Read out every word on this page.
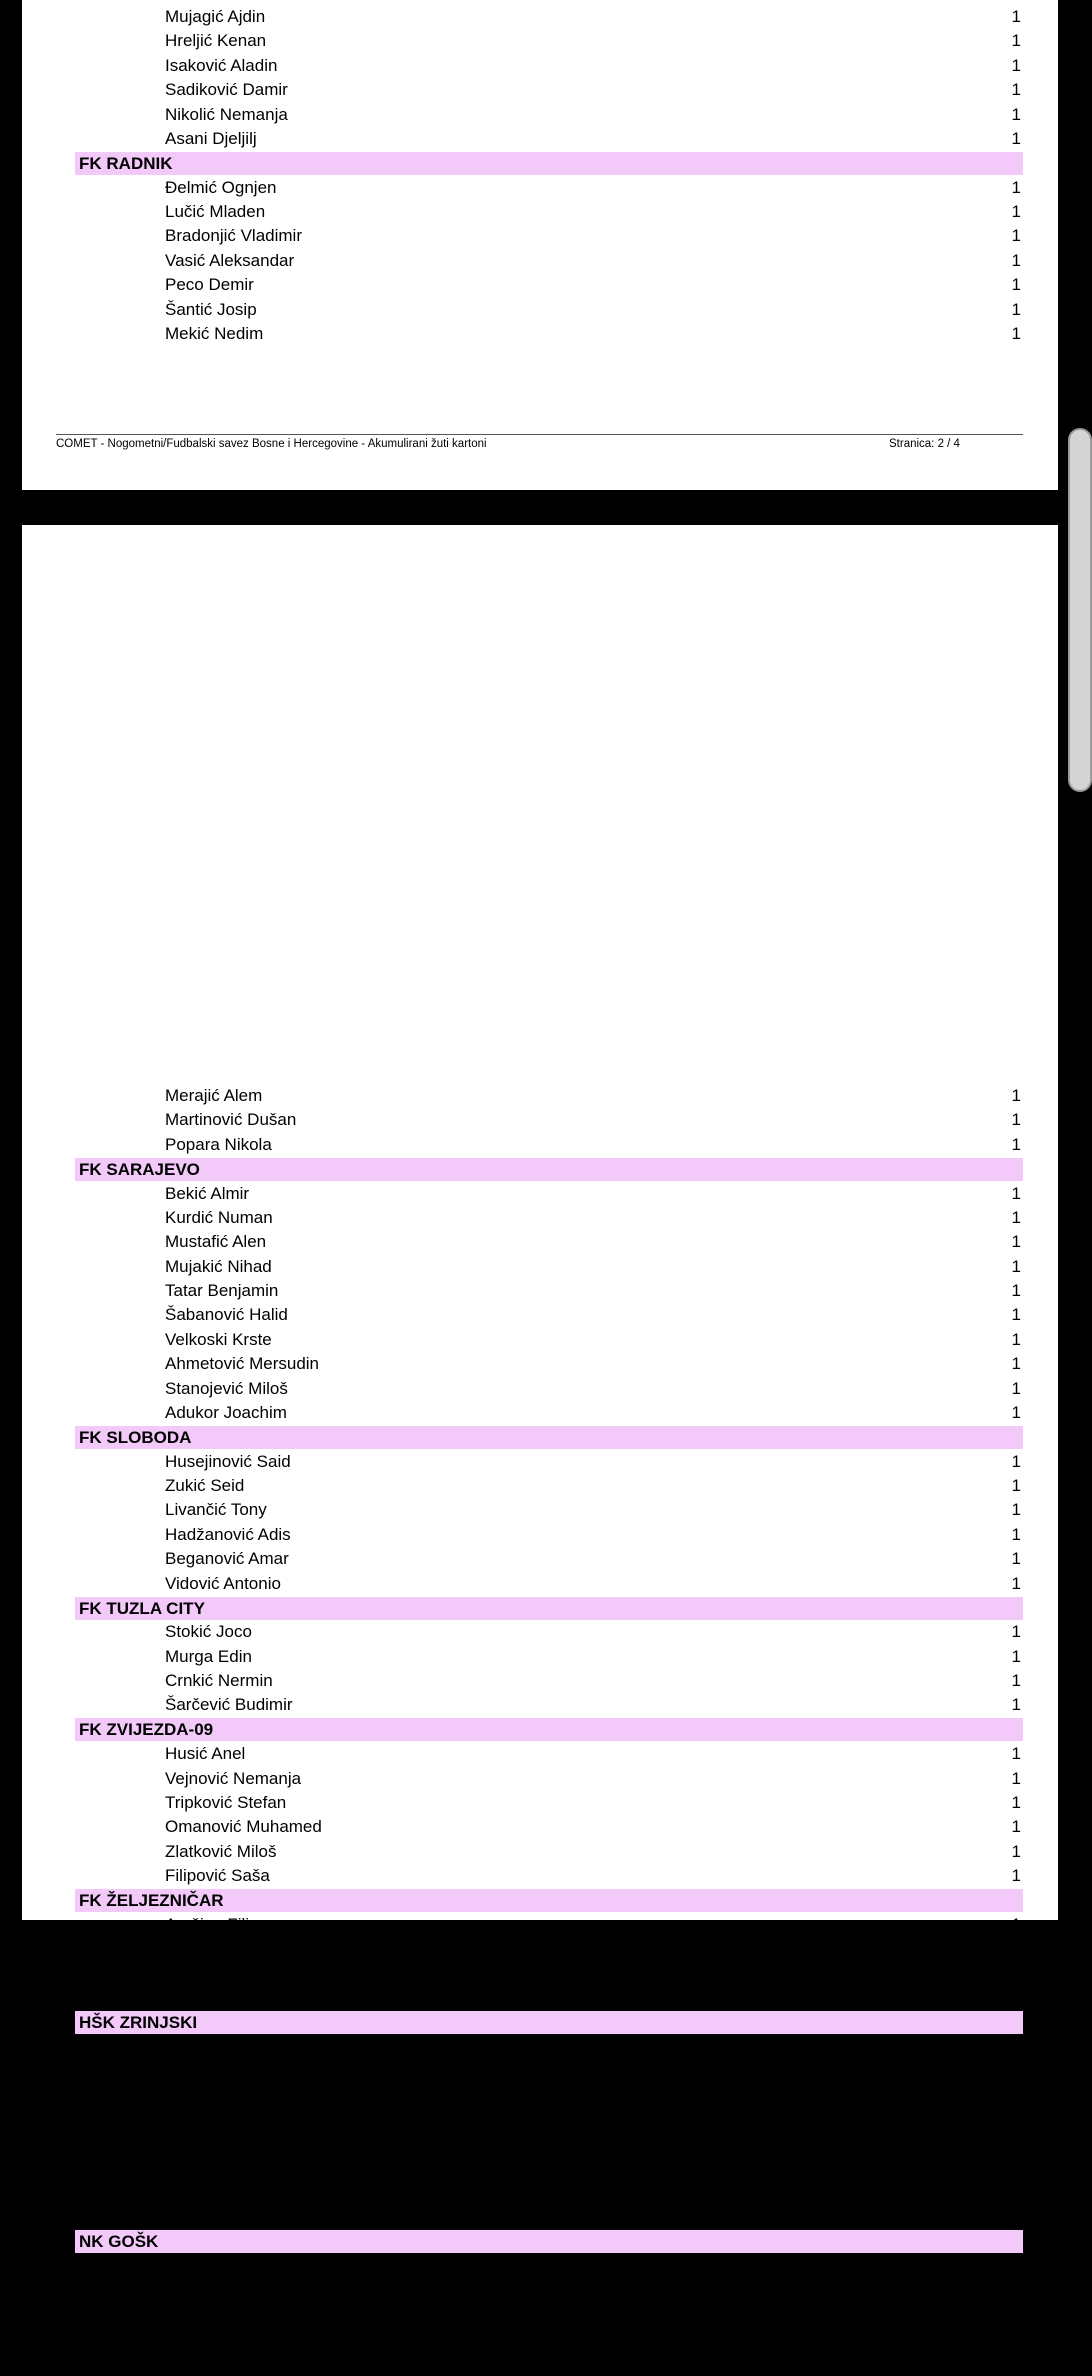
Mujagić Ajdin	1
Hreljić Kenan	1
Isaković Aladin	1
Sadiković Damir	1
Nikolić Nemanja	1
Asani Djeljilj	1
FK RADNIK
Đelmić Ognjen	1
Lučić Mladen	1
Bradonjić Vladimir	1
Vasić Aleksandar	1
Peco Demir	1
Šantić Josip	1
Mekić Nedim	1
COMET - Nogometni/Fudbalski savez Bosne i Hercegovine - Akumulirani žuti kartoni	Stranica: 2 / 4
Merajić Alem	1
Martinović Dušan	1
Popara Nikola	1
FK SARAJEVO
Bekić Almir	1
Kurdić Numan	1
Mustafić Alen	1
Mujakić Nihad	1
Tatar Benjamin	1
Šabanović Halid	1
Velkoski Krste	1
Ahmetović Mersudin	1
Stanojević Miloš	1
Adukor Joachim	1
FK SLOBODA
Husejinović Said	1
Zukić Seid	1
Livančić Tony	1
Hadžanović Adis	1
Beganović Amar	1
Vidović Antonio	1
FK TUZLA CITY
Stokić Joco	1
Murga Edin	1
Crnkić Nermin	1
Šarčević Budimir	1
FK ZVIJEZDA-09
Husić Anel	1
Vejnović Nemanja	1
Tripković Stefan	1
Omanović Muhamed	1
Zlatković Miloš	1
Filipović Saša	1
FK ŽELJEZNIČAR
Arežina Filip	1
Osmanković Kemal	1
Hajdarević Haris	1
Bakrač Miloš	1
HŠK ZRINJSKI
Bilbija Nemanja	1
Todorović Ognjen	1
Bekrić Samir	1
Stanić Srđan	1
Hairlahović Ismar	1
Kadušić Advan	1
Barišić Hrvoje	1
Marković Eman	1
NK GOŠK
Ereiz Josip	1
Kozić Dalibor	1
Ramić Mirsad	1
Đajić Darko	1
Bošković Boško	1
